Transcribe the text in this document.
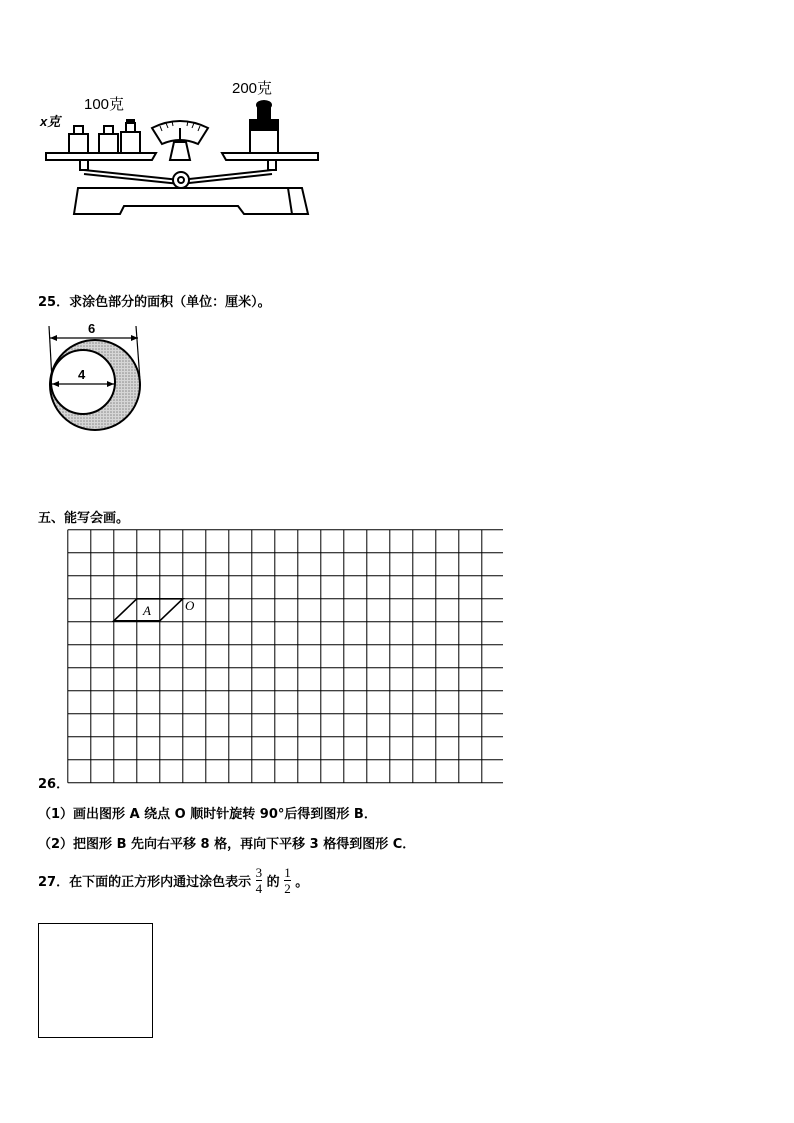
x克
100克
200克
25．求涂色部分的面积（单位：厘米）。
6
4
五、能写会画。
A	O
26．
（1）画出图形 A 绕点 O 顺时针旋转 90°后得到图形 B．
（2）把图形 B 先向右平移 8 格，再向下平移 3 格得到图形 C．
27．在下面的正方形内通过涂色表示 $\frac{3}{4}$ 的 $\frac{1}{2}$ 。
